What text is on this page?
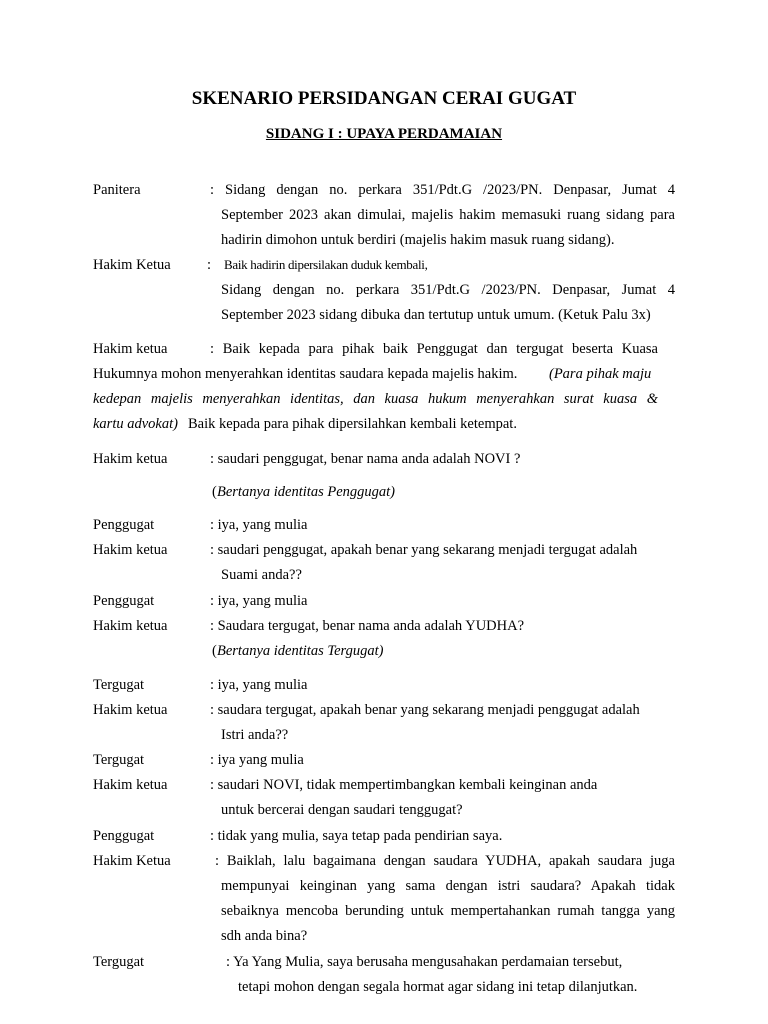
SKENARIO PERSIDANGAN CERAI GUGAT
SIDANG I : UPAYA PERDAMAIAN
Panitera	: Sidang dengan no. perkara 351/Pdt.G /2023/PN. Denpasar, Jumat 4
September 2023 akan dimulai, majelis hakim memasuki ruang sidang para
hadirin dimohon untuk berdiri (majelis hakim masuk ruang sidang).
Hakim Ketua	: Baik hadirin dipersilakan duduk kembali,
Sidang dengan no. perkara 351/Pdt.G /2023/PN. Denpasar, Jumat 4
September 2023 sidang dibuka dan tertutup untuk umum. (Ketuk Palu 3x)
Hakim ketua	: Baik kepada para pihak baik Penggugat dan tergugat beserta Kuasa
Hukumnya mohon menyerahkan identitas saudara kepada majelis hakim. (Para pihak maju
kedepan majelis menyerahkan identitas, dan kuasa hukum menyerahkan surat kuasa &
kartu advokat) Baik kepada para pihak dipersilahkan kembali ketempat.
Hakim ketua	: saudari penggugat, benar nama anda adalah NOVI ?
( Bertanya identitas Penggugat)
Penggugat	: iya, yang mulia
Hakim ketua	: saudari penggugat, apakah benar yang sekarang menjadi tergugat adalah
Suami anda??
Penggugat	: iya, yang mulia
Hakim ketua	: Saudara tergugat, benar nama anda adalah YUDHA?
( Bertanya identitas Tergugat)
Tergugat	: iya, yang mulia
Hakim ketua	: saudara tergugat, apakah benar yang sekarang menjadi penggugat adalah
Istri anda??
Tergugat	: iya yang mulia
Hakim ketua	: saudari NOVI, tidak mempertimbangkan kembali keinginan anda
untuk bercerai dengan saudari tenggugat?
Penggugat	: tidak yang mulia, saya tetap pada pendirian saya.
Hakim Ketua	: Baiklah, lalu bagaimana dengan saudara YUDHA, apakah saudara juga
mempunyai keinginan yang sama dengan istri saudara? Apakah tidak
sebaiknya mencoba berunding untuk mempertahankan rumah tangga yang
sdh anda bina?
Tergugat	: Ya Yang Mulia, saya berusaha mengusahakan perdamaian tersebut,
tetapi mohon dengan segala hormat agar sidang ini tetap dilanjutkan.
